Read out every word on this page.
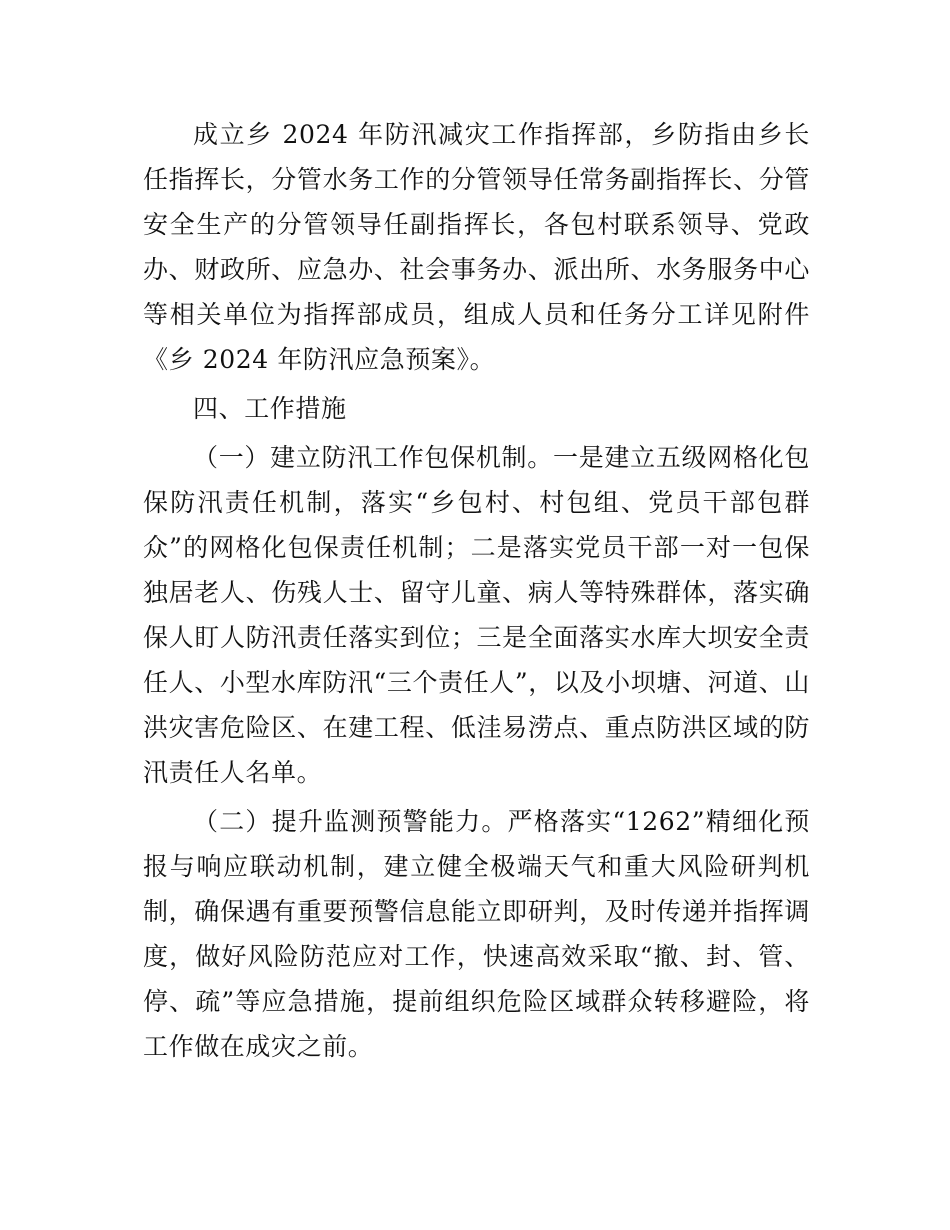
成立乡 2024 年防汛减灾工作指挥部，乡防指由乡长任指挥长，分管水务工作的分管领导任常务副指挥长、分管安全生产的分管领导任副指挥长，各包村联系领导、党政办、财政所、应急办、社会事务办、派出所、水务服务中心等相关单位为指挥部成员，组成人员和任务分工详见附件《乡 2024 年防汛应急预案》。

四、工作措施

（一）建立防汛工作包保机制。一是建立五级网格化包保防汛责任机制，落实“乡包村、村包组、党员干部包群众”的网格化包保责任机制；二是落实党员干部一对一包保独居老人、伤残人士、留守儿童、病人等特殊群体，落实确保人盯人防汛责任落实到位；三是全面落实水库大坝安全责任人、小型水库防汛“三个责任人”，以及小坝塘、河道、山洪灾害危险区、在建工程、低洼易涝点、重点防洪区域的防汛责任人名单。

（二）提升监测预警能力。严格落实“1262”精细化预报与响应联动机制，建立健全极端天气和重大风险研判机制，确保遇有重要预警信息能立即研判，及时传递并指挥调度，做好风险防范应对工作，快速高效采取“撤、封、管、停、疏”等应急措施，提前组织危险区域群众转移避险，将工作做在成灾之前。
